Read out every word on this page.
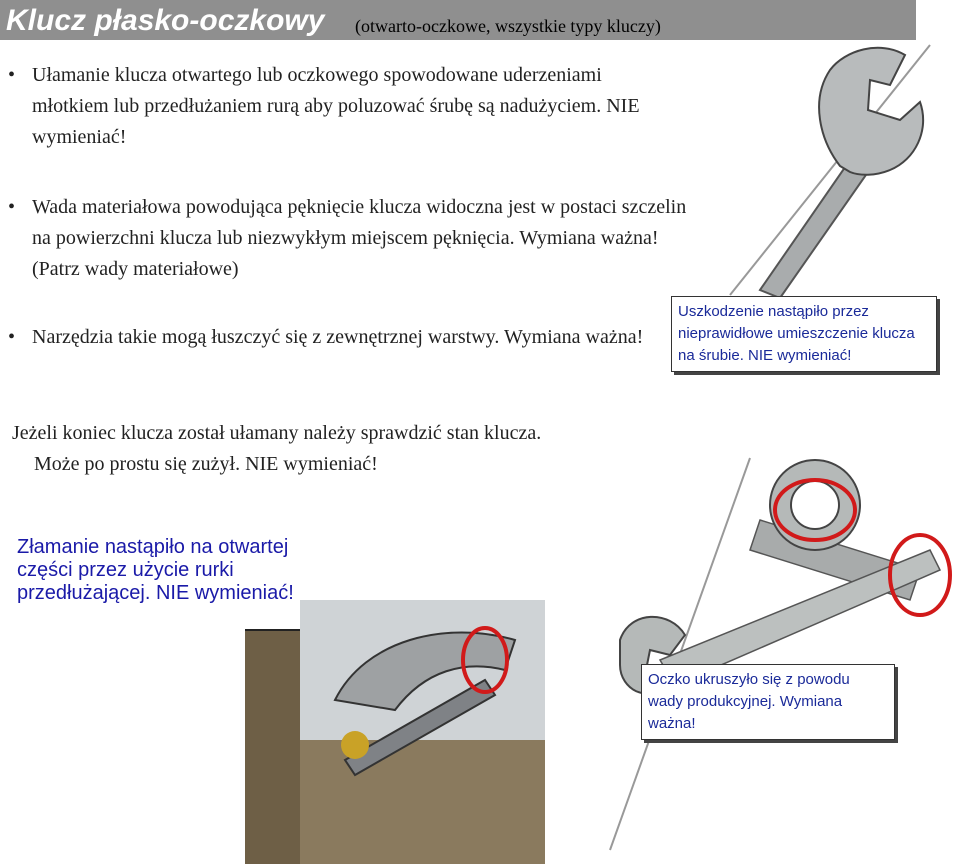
Klucz płasko-oczkowy (otwarto-oczkowe, wszystkie typy kluczy)
• Ułamanie klucza otwartego lub oczkowego spowodowane uderzeniami młotkiem lub przedłużaniem rurą aby poluzować śrubę są nadużyciem. NIE wymieniać!
• Wada materiałowa powodująca pęknięcie klucza widoczna jest w postaci szczelin na powierzchni klucza lub niezwykłym miejscem pęknięcia. Wymiana ważna! (Patrz wady materiałowe)
• Narzędzia takie mogą łuszczyć się z zewnętrznej warstwy. Wymiana ważna!
Jeżeli koniec klucza został ułamany należy sprawdzić stan klucza.
Może po prostu się zużył. NIE wymieniać!
Uszkodzenie nastąpiło przez nieprawidłowe umieszczenie klucza na śrubie. NIE wymieniać!
Oczko ukruszyło się z powodu wady produkcyjnej. Wymiana ważna!
Złamanie nastąpiło na otwartej części przez użycie rurki przedłużającej. NIE wymieniać!
